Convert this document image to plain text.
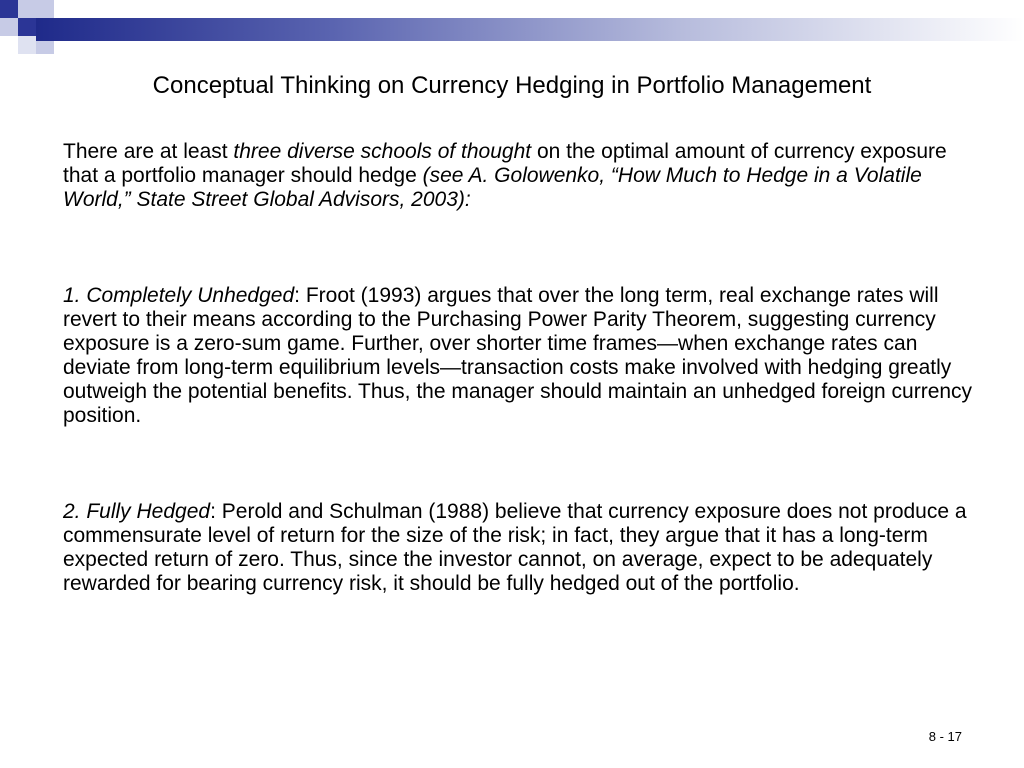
Conceptual Thinking on Currency Hedging in Portfolio Management

There are at least three diverse schools of thought on the optimal amount of currency exposure that a portfolio manager should hedge (see A. Golowenko, “How Much to Hedge in a Volatile World,” State Street Global Advisors, 2003):

1. Completely Unhedged: Froot (1993) argues that over the long term, real exchange rates will revert to their means according to the Purchasing Power Parity Theorem, suggesting currency exposure is a zero-sum game. Further, over shorter time frames—when exchange rates can deviate from long-term equilibrium levels—transaction costs make involved with hedging greatly outweigh the potential benefits. Thus, the manager should maintain an unhedged foreign currency position.

2. Fully Hedged: Perold and Schulman (1988) believe that currency exposure does not produce a commensurate level of return for the size of the risk; in fact, they argue that it has a long-term expected return of zero. Thus, since the investor cannot, on average, expect to be adequately rewarded for bearing currency risk, it should be fully hedged out of the portfolio.

8 - 17
